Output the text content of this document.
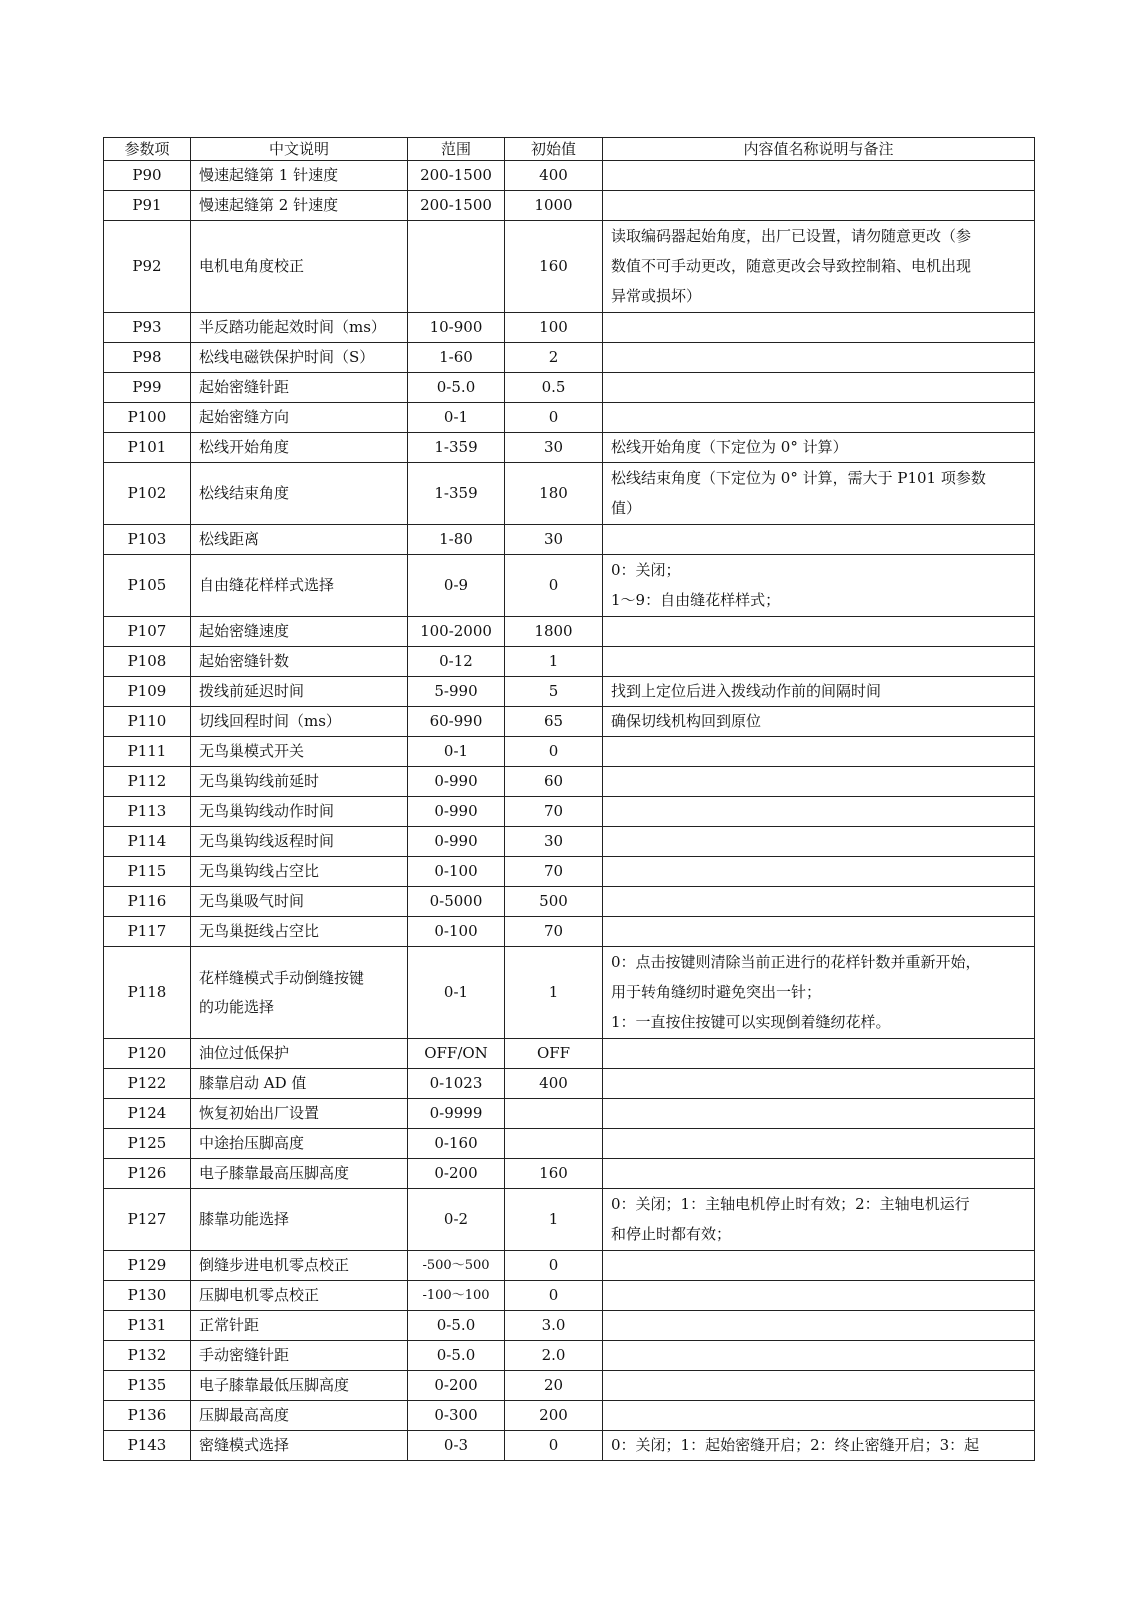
参数项	中文说明	范围	初始值	内容值名称说明与备注
P90	慢速起缝第 1 针速度	200-1500	400	
P91	慢速起缝第 2 针速度	200-1500	1000	
P92	电机电角度校正		160	读取编码器起始角度，出厂已设置，请勿随意更改（参
数值不可手动更改，随意更改会导致控制箱、电机出现
异常或损坏）

P93	半反踏功能起效时间（ms）	10-900	100	
P98	松线电磁铁保护时间（S）	1-60	2	
P99	起始密缝针距	0-5.0	0.5	
P100	起始密缝方向	0-1	0	
P101	松线开始角度	1-359	30	松线开始角度（下定位为 0° 计算）

P102	松线结束角度	1-359	180	松线结束角度（下定位为 0° 计算，需大于 P101 项参数
值）

P103	松线距离	1-80	30	
P105	自由缝花样样式选择	0-9	0	0：关闭；
1～9：自由缝花样样式；

P107	起始密缝速度	100-2000	1800	
P108	起始密缝针数	0-12	1	
P109	拨线前延迟时间	5-990	5	找到上定位后进入拨线动作前的间隔时间

P110	切线回程时间（ms）	60-990	65	确保切线机构回到原位

P111	无鸟巢模式开关	0-1	0	
P112	无鸟巢钩线前延时	0-990	60	
P113	无鸟巢钩线动作时间	0-990	70	
P114	无鸟巢钩线返程时间	0-990	30	
P115	无鸟巢钩线占空比	0-100	70	
P116	无鸟巢吸气时间	0-5000	500	
P117	无鸟巢挺线占空比	0-100	70	
P118	花样缝模式手动倒缝按键
的功能选择	0-1	1	0：点击按键则清除当前正进行的花样针数并重新开始，
用于转角缝纫时避免突出一针；
1：一直按住按键可以实现倒着缝纫花样。

P120	油位过低保护	OFF/ON	OFF	
P122	膝靠启动 AD 值	0-1023	400	
P124	恢复初始出厂设置	0-9999		
P125	中途抬压脚高度	0-160		
P126	电子膝靠最高压脚高度	0-200	160	
P127	膝靠功能选择	0-2	1	0：关闭；1：主轴电机停止时有效；2：主轴电机运行
和停止时都有效；

P129	倒缝步进电机零点校正	-500～500	0	
P130	压脚电机零点校正	-100～100	0	
P131	正常针距	0-5.0	3.0	
P132	手动密缝针距	0-5.0	2.0	
P135	电子膝靠最低压脚高度	0-200	20	
P136	压脚最高高度	0-300	200	
P143	密缝模式选择	0-3	0	0：关闭；1：起始密缝开启；2：终止密缝开启；3：起
